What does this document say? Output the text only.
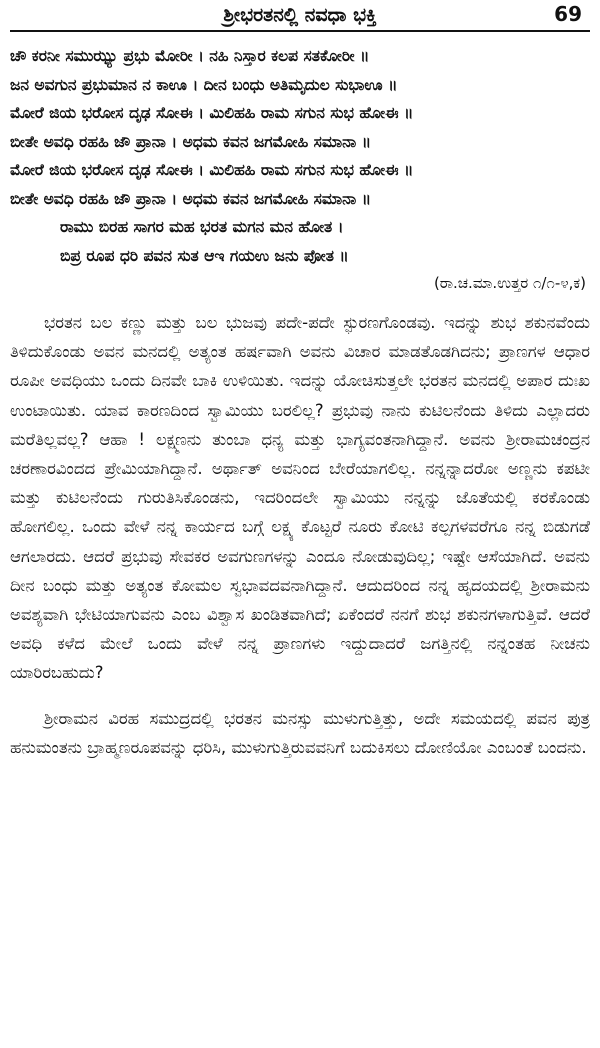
ಶ್ರೀಭರತನಲ್ಲಿ ನವಧಾ ಭಕ್ತಿ	69
ಚೌ ಕರನೀ ಸಮುಝ್ಯು ಪ್ರಭು ಮೋರೀ । ನಹಿ ನಿಸ್ತಾರ ಕಲಪ ಸತಕೋರೀ ॥
ಜನ ಅವಗುನ ಪ್ರಭುಮಾನ ನ ಕಾಊ । ದೀನ ಬಂಧು ಅತಿಮೃದುಲ ಸುಭಾಊ ॥
ಮೋರೆ ಜಿಯ ಭರೋಸ ದೃಢ ಸೋಈ । ಮಿಲಿಹಹಿ ರಾಮ ಸಗುನ ಸುಭ ಹೋಈ ॥
ಬೀತೇ ಅವಧಿ ರಹಹಿ ಜೌ ಪ್ರಾನಾ । ಅಧಮ ಕವನ ಜಗಮೋಹಿ ಸಮಾನಾ ॥
ಮೋರೆ ಜಿಯ ಭರೋಸ ದೃಢ ಸೋಈ । ಮಿಲಿಹಹಿ ರಾಮ ಸಗುನ ಸುಭ ಹೋಈ ॥
ಬೀತೇ ಅವಧಿ ರಹಹಿ ಜೌ ಪ್ರಾನಾ । ಅಧಮ ಕವನ ಜಗಮೋಹಿ ಸಮಾನಾ ॥
ರಾಮು ಬಿರಹ ಸಾಗರ ಮಹ ಭರತ ಮಗನ ಮನ ಹೋತ ।
ಬಿಪ್ರ ರೂಪ ಧರಿ ಪವನ ಸುತ ಆಇ ಗಯಉ ಜನು ಪೋತ ॥
(ರಾ.ಚ.ಮಾ.ಉತ್ತರ ೧/೧-೪,ಕ)

ಭರತನ ಬಲ ಕಣ್ಣು ಮತ್ತು ಬಲ ಭುಜವು ಪದೇ-ಪದೇ ಸ್ಫುರಣಗೊಂಡವು. ಇದನ್ನು ಶುಭ ಶಕುನವೆಂದು ತಿಳಿದುಕೊಂಡು ಅವನ ಮನದಲ್ಲಿ ಅತ್ಯಂತ ಹರ್ಷವಾಗಿ ಅವನು ವಿಚಾರ ಮಾಡತೊಡಗಿದನು; ಪ್ರಾಣಗಳ ಆಧಾರ ರೂಪೀ ಅವಧಿಯು ಒಂದು ದಿನವೇ ಬಾಕಿ ಉಳಿಯಿತು. ಇದನ್ನು ಯೋಚಿಸುತ್ತಲೇ ಭರತನ ಮನದಲ್ಲಿ ಅಪಾರ ದುಃಖ ಉಂಟಾಯಿತು. ಯಾವ ಕಾರಣದಿಂದ ಸ್ವಾಮಿಯು ಬರಲಿಲ್ಲ? ಪ್ರಭುವು ನಾನು ಕುಟಿಲನೆಂದು ತಿಳಿದು ಎಲ್ಲಾದರು ಮರೆತಿಲ್ಲವಲ್ಲ? ಆಹಾ ! ಲಕ್ಷ್ಮಣನು ತುಂಬಾ ಧನ್ಯ ಮತ್ತು ಭಾಗ್ಯವಂತನಾಗಿದ್ದಾನೆ. ಅವನು ಶ್ರೀರಾಮಚಂದ್ರನ ಚರಣಾರವಿಂದದ ಪ್ರೇಮಿಯಾಗಿದ್ದಾನೆ. ಅರ್ಥಾತ್ ಅವನಿಂದ ಬೇರೆಯಾಗಲಿಲ್ಲ. ನನ್ನನ್ನಾದರೋ ಅಣ್ಣನು ಕಪಟೀ ಮತ್ತು ಕುಟಿಲನೆಂದು ಗುರುತಿಸಿಕೊಂಡನು, ಇದರಿಂದಲೇ ಸ್ವಾಮಿಯು ನನ್ನನ್ನು ಜೊತೆಯಲ್ಲಿ ಕರಕೊಂಡು ಹೋಗಲಿಲ್ಲ. ಒಂದು ವೇಳೆ ನನ್ನ ಕಾರ್ಯದ ಬಗ್ಗೆ ಲಕ್ಷ್ಯ ಕೊಟ್ಟರೆ ನೂರು ಕೋಟಿ ಕಲ್ಪಗಳವರೆಗೂ ನನ್ನ ಬಿಡುಗಡೆ ಆಗಲಾರದು. ಆದರೆ ಪ್ರಭುವು ಸೇವಕರ ಅವಗುಣಗಳನ್ನು ಎಂದೂ ನೋಡುವುದಿಲ್ಲ; ಇಷ್ಟೇ ಆಸೆಯಾಗಿದೆ. ಅವನು ದೀನ ಬಂಧು ಮತ್ತು ಅತ್ಯಂತ ಕೋಮಲ ಸ್ವಭಾವದವನಾಗಿದ್ದಾನೆ. ಆದುದರಿಂದ ನನ್ನ ಹೃದಯದಲ್ಲಿ ಶ್ರೀರಾಮನು ಅವಶ್ಯವಾಗಿ ಭೇಟಿಯಾಗುವನು ಎಂಬ ವಿಶ್ವಾಸ ಖಂಡಿತವಾಗಿದೆ; ಏಕೆಂದರೆ ನನಗೆ ಶುಭ ಶಕುನಗಳಾಗುತ್ತಿವೆ. ಆದರೆ ಅವಧಿ ಕಳೆದ ಮೇಲೆ ಒಂದು ವೇಳೆ ನನ್ನ ಪ್ರಾಣಗಳು ಇದ್ದುದಾದರೆ ಜಗತ್ತಿನಲ್ಲಿ ನನ್ನಂತಹ ನೀಚನು ಯಾರಿರಬಹುದು?

ಶ್ರೀರಾಮನ ವಿರಹ ಸಮುದ್ರದಲ್ಲಿ ಭರತನ ಮನಸ್ಸು ಮುಳುಗುತ್ತಿತ್ತು, ಅದೇ ಸಮಯದಲ್ಲಿ ಪವನ ಪುತ್ರ ಹನುಮಂತನು ಬ್ರಾಹ್ಮಣರೂಪವನ್ನು ಧರಿಸಿ, ಮುಳುಗುತ್ತಿರುವವನಿಗೆ ಬದುಕಿಸಲು ದೋಣಿಯೋ ಎಂಬಂತೆ ಬಂದನು.
